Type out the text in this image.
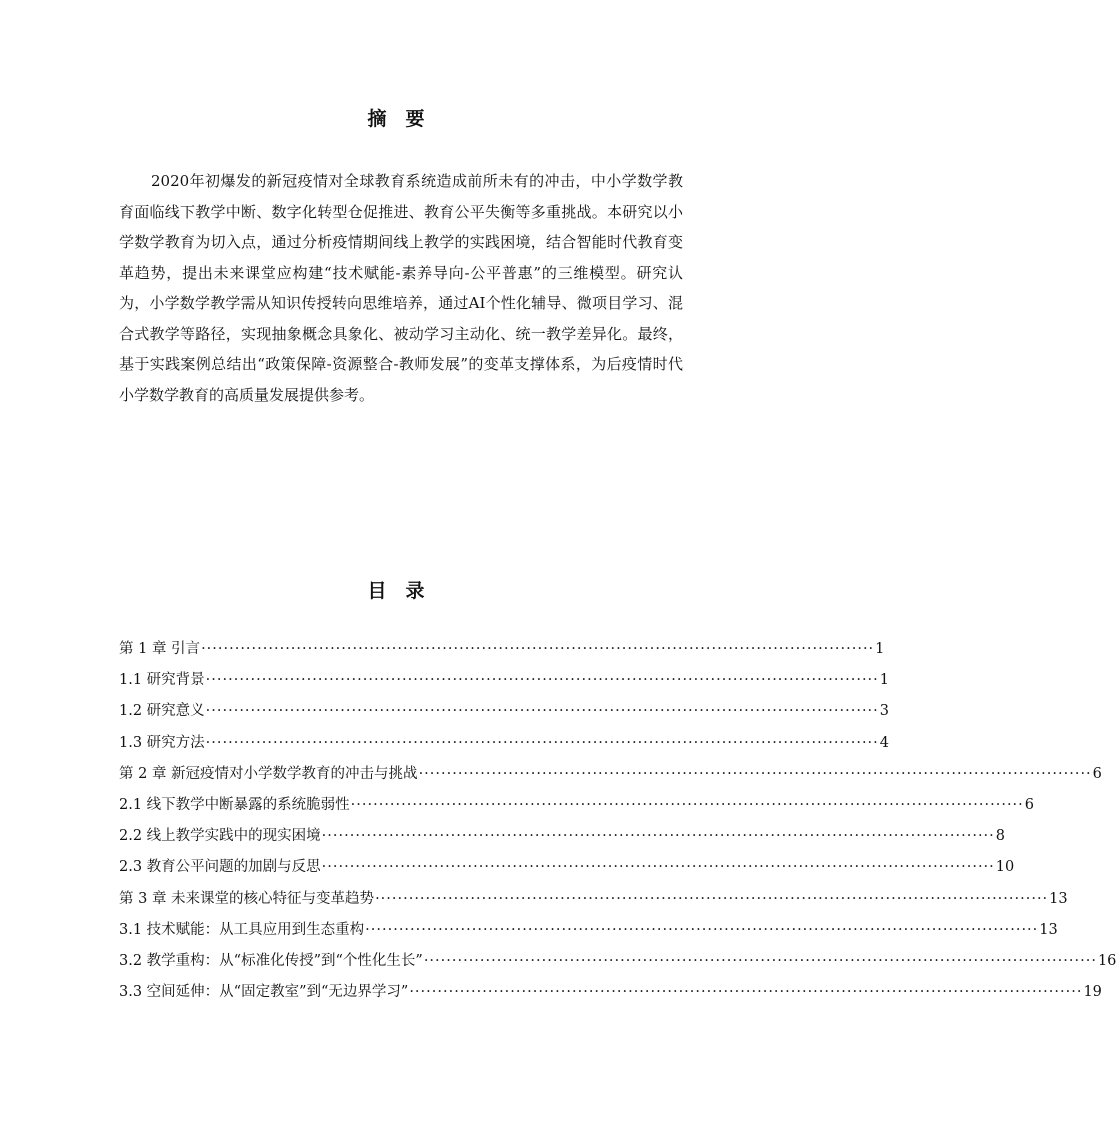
摘 要

2020年初爆发的新冠疫情对全球教育系统造成前所未有的冲击，中小学数学教育面临线下教学中断、数字化转型仓促推进、教育公平失衡等多重挑战。本研究以小学数学教育为切入点，通过分析疫情期间线上教学的实践困境，结合智能时代教育变革趋势，提出未来课堂应构建“技术赋能-素养导向-公平普惠”的三维模型。研究认为，小学数学教学需从知识传授转向思维培养，通过AI个性化辅导、微项目学习、混合式教学等路径，实现抽象概念具象化、被动学习主动化、统一教学差异化。最终，基于实践案例总结出“政策保障-资源整合-教师发展”的变革支撑体系，为后疫情时代小学数学教育的高质量发展提供参考。

目 录
第 1 章 引言 ························································································································ 1
1.1 研究背景 ························································································································ 1
1.2 研究意义 ························································································································ 3
1.3 研究方法 ························································································································ 4
第 2 章 新冠疫情对小学数学教育的冲击与挑战 ························································································································ 6
2.1 线下教学中断暴露的系统脆弱性 ························································································································ 6
2.2 线上教学实践中的现实困境 ························································································································ 8
2.3 教育公平问题的加剧与反思 ························································································································ 10
第 3 章 未来课堂的核心特征与变革趋势 ························································································································ 13
3.1 技术赋能：从工具应用到生态重构 ························································································································ 13
3.2 教学重构：从“标准化传授”到“个性化生长” ························································································································ 16
3.3 空间延伸：从“固定教室”到“无边界学习” ························································································································ 19
